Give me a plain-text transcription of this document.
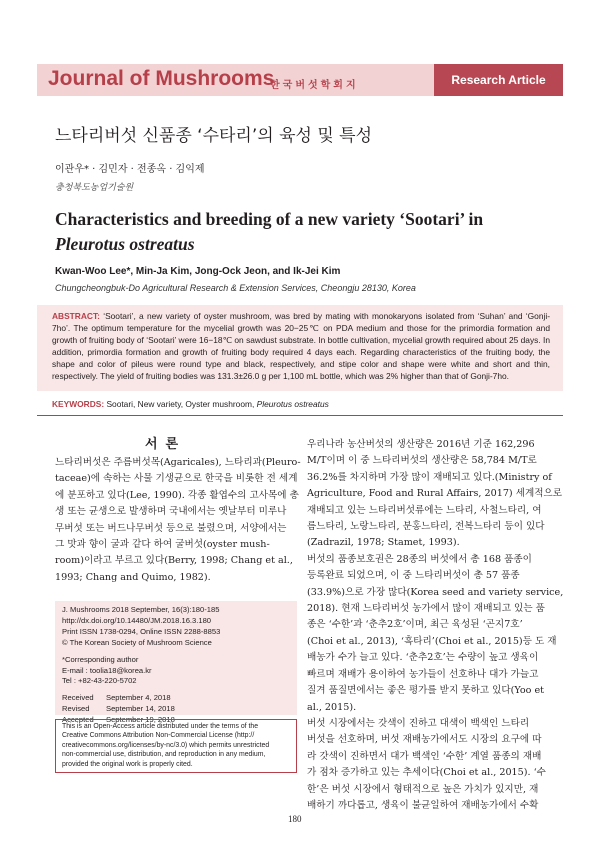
Journal of Mushrooms
한국버섯학회지	Research Article
느타리버섯 신품종 ‘수타리’의 육성 및 특성
이관우* · 김민자 · 전종옥 · 김익제
충청북도농업기술원
Characteristics and breeding of a new variety ‘Sootari’ in
Pleurotus ostreatus
Kwan-Woo Lee*, Min-Ja Kim, Jong-Ock Jeon, and Ik-Jei Kim
Chungcheongbuk-Do Agricultural Research & Extension Services, Cheongju 28130, Korea
ABSTRACT: ‘Sootari’, a new variety of oyster mushroom, was bred by mating with monokaryons isolated from ‘Suhan’ and ‘Gonji-7ho’. The optimum temperature for the mycelial growth was 20−25℃ on PDA medium and those for the primordia formation and growth of fruiting body of ‘Sootari’ were 16−18℃ on sawdust substrate. In bottle cultivation, mycelial growth required about 25 days. In addition, primordia formation and growth of fruiting body required 4 days each. Regarding characteristics of the fruiting body, the shape and color of pileus were round type and black, respectively, and stipe color and shape were white and short and thin, respectively. The yield of fruiting bodies was 131.3±26.0 g per 1,100 mL bottle, which was 2% higher than that of Gonji-7ho.
KEYWORDS: Sootari, New variety, Oyster mushroom, Pleurotus ostreatus
서론
느타리버섯은 주름버섯목(Agaricales), 느타리과(Pleuro-
taceae)에 속하는 사물 기생균으로 한국을 비롯한 전 세계
에 분포하고 있다(Lee, 1990). 각종 활엽수의 고사목에 총
생 또는 균생으로 발생하며 국내에서는 옛날부터 미루나
무버섯 또는 버드나무버섯 등으로 불렸으며, 서양에서는
그 맛과 향이 굴과 같다 하여 굴버섯(oyster mush-
room)이라고 부르고 있다(Berry, 1998; Chang et al.,
1993; Chang and Quimo, 1982).
J. Mushrooms 2018 September, 16(3):180-185
http://dx.doi.org/10.14480/JM.2018.16.3.180
Print ISSN 1738-0294, Online ISSN 2288-8853
© The Korean Society of Mushroom Science
*Corresponding author
E-mail : toolia18@korea.kr
Tel : +82-43-220-5702
Received September 4, 2018
Revised September 14, 2018
Accepted September 19, 2018
This is an Open-Access article distributed under the terms of the
Creative Commons Attribution Non-Commercial License (http://
creativecommons.org/licenses/by-nc/3.0) which permits unrestricted
non-commercial use, distribution, and reproduction in any medium,
provided the original work is properly cited.
우리나라 농산버섯의 생산량은 2016년 기준 162,296
M/T이며 이 중 느타리버섯의 생산량은 58,784 M/T로
36.2%를 차지하며 가장 많이 재배되고 있다.(Ministry of
Agriculture, Food and Rural Affairs, 2017) 세계적으로
재배되고 있는 느타리버섯류에는 느타리, 사철느타리, 여
름느타리, 노랑느타리, 분홍느타리, 전복느타리 등이 있다
(Zadrazil, 1978; Stamet, 1993).
버섯의 품종보호권은 28종의 버섯에서 총 168 품종이
등록완료 되었으며, 이 중 느타리버섯이 총 57 품종
(33.9%)으로 가장 많다(Korea seed and variety service,
2018). 현재 느타리버섯 농가에서 많이 재배되고 있는 품
종은 ‘수한’과 ‘춘추2호’이며, 최근 육성된 ‘곤지7호’
(Choi et al., 2013), ‘흑타리’(Choi et al., 2015)등 도 재
배농가 수가 늘고 있다. ‘춘추2호’는 수량이 높고 생육이
빠르며 재배가 용이하여 농가들이 선호하나 대가 가늘고
질겨 품질면에서는 좋은 평가를 받지 못하고 있다(Yoo et
al., 2015).
버섯 시장에서는 갓색이 진하고 대색이 백색인 느타리
버섯을 선호하며, 버섯 재배농가에서도 시장의 요구에 따
라 갓색이 진하면서 대가 백색인 ‘수한’ 계열 품종의 재배
가 점차 증가하고 있는 추세이다(Choi et al., 2015). ‘수
한’은 버섯 시장에서 형태적으로 높은 가치가 있지만, 재
배하기 까다롭고, 생육이 불균일하여 재배농가에서 수확
180
